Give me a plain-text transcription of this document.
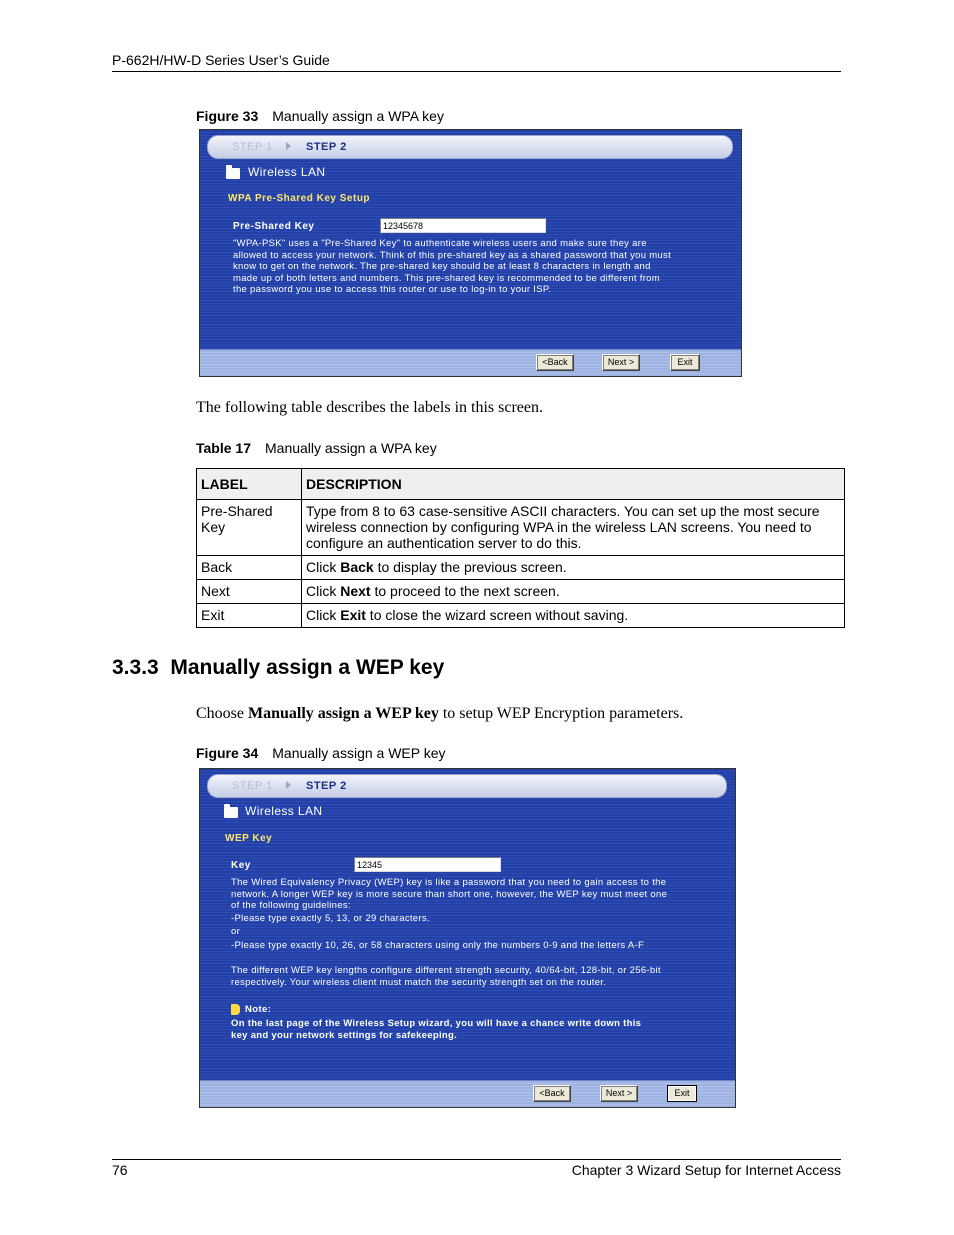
P-662H/HW-D Series User’s Guide
Figure 33 Manually assign a WPA key
STEP 1	STEP 2
Wireless LAN
WPA Pre-Shared Key Setup
Pre-Shared Key	12345678
"WPA-PSK" uses a "Pre-Shared Key" to authenticate wireless users and make sure they are
allowed to access your network. Think of this pre-shared key as a shared password that you must
know to get on the network. The pre-shared key should be at least 8 characters in length and
made up of both letters and numbers. This pre-shared key is recommended to be different from
the password you use to access this router or use to log-in to your ISP.
<Back	Next >	Exit
The following table describes the labels in this screen.
Table 17 Manually assign a WPA key
LABEL	DESCRIPTION
Pre-Shared Key	Type from 8 to 63 case-sensitive ASCII characters. You can set up the most secure wireless connection by configuring WPA in the wireless LAN screens. You need to configure an authentication server to do this.
Back	Click Back to display the previous screen.
Next	Click Next to proceed to the next screen.
Exit	Click Exit to close the wizard screen without saving.
3.3.3  Manually assign a WEP key
Choose Manually assign a WEP key to setup WEP Encryption parameters.
Figure 34 Manually assign a WEP key
STEP 1	STEP 2
Wireless LAN
WEP Key
Key	12345
The Wired Equivalency Privacy (WEP) key is like a password that you need to gain access to the
network. A longer WEP key is more secure than short one, however, the WEP key must meet one
of the following guidelines:
-Please type exactly 5, 13, or 29 characters.
or
-Please type exactly 10, 26, or 58 characters using only the numbers 0-9 and the letters A-F
The different WEP key lengths configure different strength security, 40/64-bit, 128-bit, or 256-bit
respectively. Your wireless client must match the security strength set on the router.
Note:
On the last page of the Wireless Setup wizard, you will have a chance write down this
key and your network settings for safekeeping.
<Back	Next >	Exit
76	Chapter 3 Wizard Setup for Internet Access
